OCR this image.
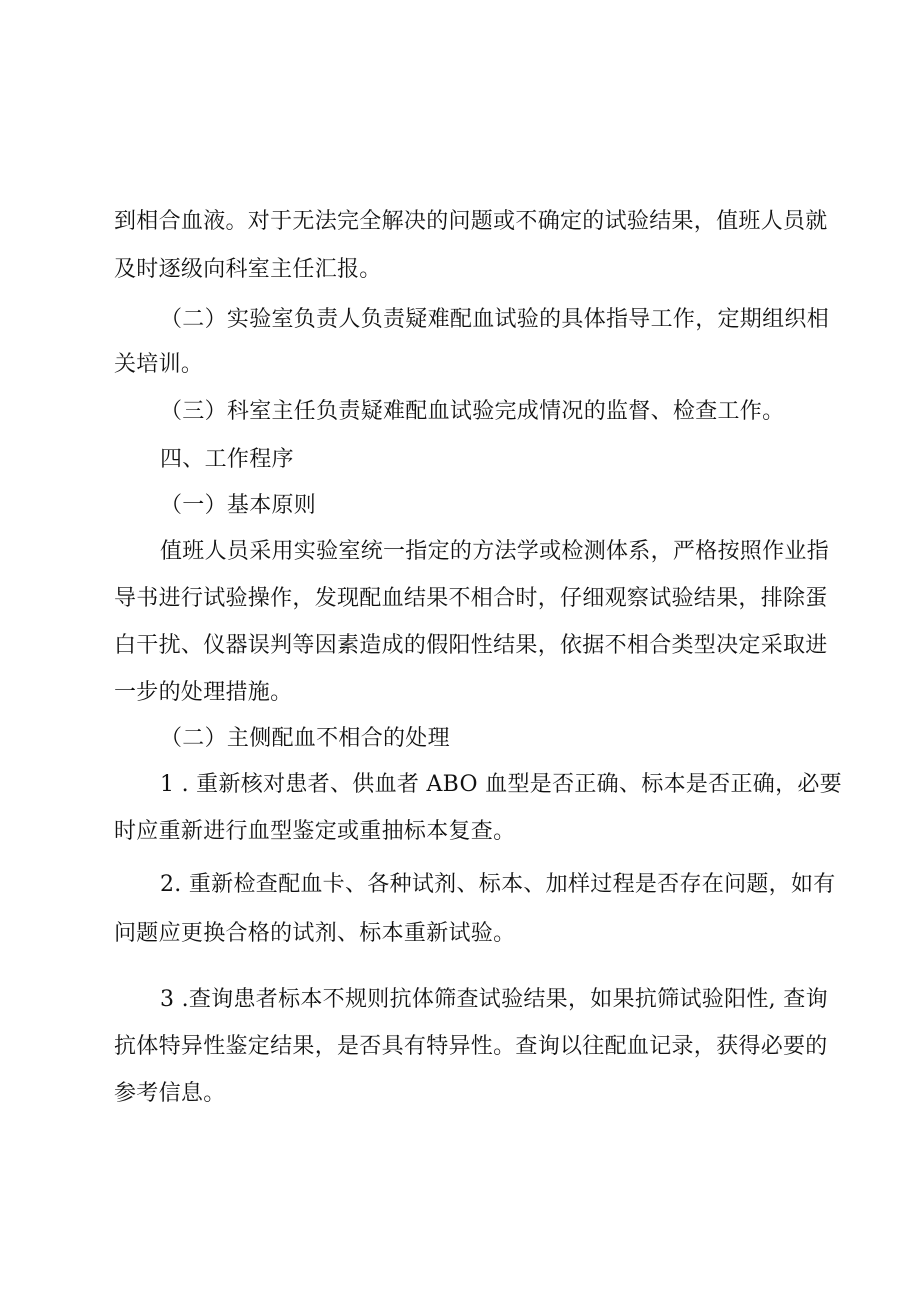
到相合血液。对于无法完全解决的问题或不确定的试验结果，值班人员就
及时逐级向科室主任汇报。
（二）实验室负责人负责疑难配血试验的具体指导工作，定期组织相
关培训。
（三）科室主任负责疑难配血试验完成情况的监督、检查工作。
四、工作程序
（一）基本原则
值班人员采用实验室统一指定的方法学或检测体系，严格按照作业指
导书进行试验操作，发现配血结果不相合时，仔细观察试验结果，排除蛋
白干扰、仪器误判等因素造成的假阳性结果，依据不相合类型决定采取进
一步的处理措施。
（二）主侧配血不相合的处理
1 . 重新核对患者、供血者 ABO 血型是否正确、标本是否正确，必要
时应重新进行血型鉴定或重抽标本复查。
2. 重新检查配血卡、各种试剂、标本、加样过程是否存在问题，如有
问题应更换合格的试剂、标本重新试验。
3 .查询患者标本不规则抗体筛查试验结果，如果抗筛试验阳性, 查询
抗体特异性鉴定结果，是否具有特异性。查询以往配血记录，获得必要的
参考信息。
